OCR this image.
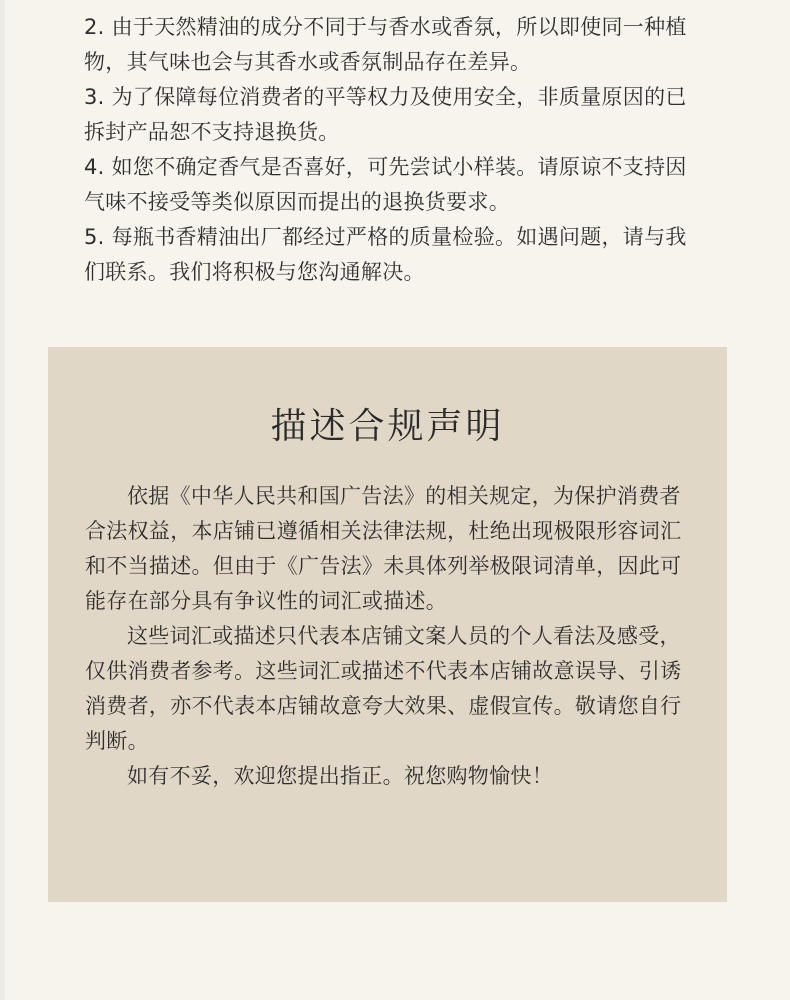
2. 由于天然精油的成分不同于与香水或香氛，所以即使同一种植物，其气味也会与其香水或香氛制品存在差异。
3. 为了保障每位消费者的平等权力及使用安全，非质量原因的已拆封产品恕不支持退换货。
4. 如您不确定香气是否喜好，可先尝试小样装。请原谅不支持因气味不接受等类似原因而提出的退换货要求。
5. 每瓶书香精油出厂都经过严格的质量检验。如遇问题，请与我们联系。我们将积极与您沟通解决。
描述合规声明

依据《中华人民共和国广告法》的相关规定，为保护消费者合法权益，本店铺已遵循相关法律法规，杜绝出现极限形容词汇和不当描述。但由于《广告法》未具体列举极限词清单，因此可能存在部分具有争议性的词汇或描述。

这些词汇或描述只代表本店铺文案人员的个人看法及感受，仅供消费者参考。这些词汇或描述不代表本店铺故意误导、引诱消费者，亦不代表本店铺故意夸大效果、虚假宣传。敬请您自行判断。

如有不妥，欢迎您提出指正。祝您购物愉快！
